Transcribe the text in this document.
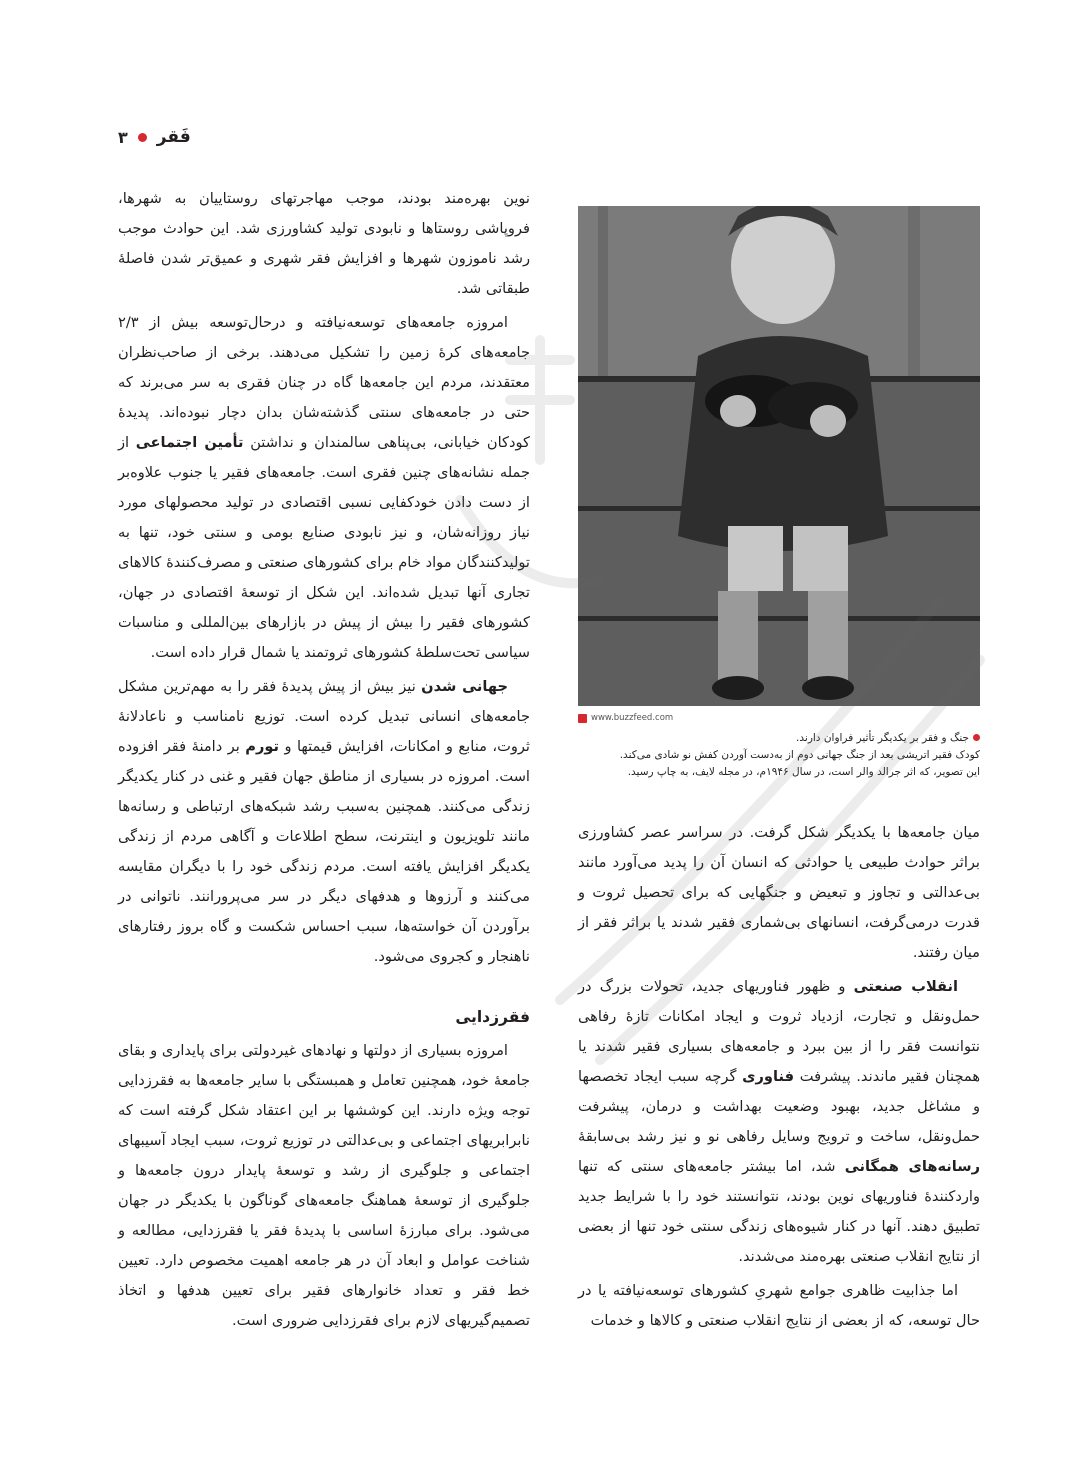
فَقر
۳

نوین بهره‌مند بودند، موجب مهاجرتهای روستاییان به شهرها، فروپاشی روستاها و نابودی تولید کشاورزی شد. این حوادث موجب رشد ناموزون شهرها و افزایش فقر شهری و عمیق‌تر شدن فاصلهٔ طبقاتی شد.

امروزه جامعه‌های توسعه‌نیافته و درحال‌توسعه بیش از ۲/۳ جامعه‌های کرهٔ زمین را تشکیل می‌دهند. برخی از صاحب‌نظران معتقدند، مردم این جامعه‌ها گاه در چنان فقری به سر می‌برند که حتی در جامعه‌های سنتی گذشته‌شان بدان دچار نبوده‌اند. پدیدهٔ کودکان خیابانی، بی‌پناهی سالمندان و نداشتن تأمین اجتماعی از جمله نشانه‌های چنین فقری است. جامعه‌های فقیر یا جنوب علاوه‌بر از دست دادن خودکفایی نسبی اقتصادی در تولید محصولهای مورد نیاز روزانه‌شان، و نیز نابودی صنایع بومی و سنتی خود، تنها به تولیدکنندگان مواد خام برای کشورهای صنعتی و مصرف‌کنندهٔ کالاهای تجاری آنها تبدیل شده‌اند. این شکل از توسعهٔ اقتصادی در جهان، کشورهای فقیر را بیش از پیش در بازارهای بین‌المللی و مناسبات سیاسی تحت‌سلطهٔ کشورهای ثروتمند یا شمال قرار داده است.

جهانی شدن نیز بیش از پیش پدیدهٔ فقر را به مهم‌ترین مشکل جامعه‌های انسانی تبدیل کرده است. توزیع نامناسب و ناعادلانهٔ ثروت، منابع و امکانات، افزایش قیمتها و تورم بر دامنهٔ فقر افزوده است. امروزه در بسیاری از مناطق جهان فقیر و غنی در کنار یکدیگر زندگی می‌کنند. همچنین به‌سبب رشد شبکه‌های ارتباطی و رسانه‌ها مانند تلویزیون و اینترنت، سطح اطلاعات و آگاهی مردم از زندگی یکدیگر افزایش یافته است. مردم زندگی خود را با دیگران مقایسه می‌کنند و آرزوها و هدفهای دیگر در سر می‌پرورانند. ناتوانی در برآوردن آن خواسته‌ها، سبب احساس شکست و گاه بروز رفتارهای ناهنجار و کجروی می‌شود.

فقرزدایی

امروزه بسیاری از دولتها و نهادهای غیردولتی برای پایداری و بقای جامعهٔ خود، همچنین تعامل و همبستگی با سایر جامعه‌ها به فقرزدایی توجه ویژه دارند. این کوششها بر این اعتقاد شکل گرفته است که نابرابریهای اجتماعی و بی‌عدالتی در توزیع ثروت، سبب ایجاد آسیبهای اجتماعی و جلوگیری از رشد و توسعهٔ پایدار درون جامعه‌ها و جلوگیری از توسعهٔ هماهنگ جامعه‌های گوناگون با یکدیگر در جهان می‌شود. برای مبارزهٔ اساسی با پدیدهٔ فقر یا فقرزدایی، مطالعه و شناخت عوامل و ابعاد آن در هر جامعه اهمیت مخصوص دارد. تعیین خط فقر و تعداد خانوارهای فقیر برای تعیین هدفها و اتخاذ تصمیم‌گیریهای لازم برای فقرزدایی ضروری است.

www.buzzfeed.com
جنگ و فقر بر یکدیگر تأثیر فراوان دارند.
کودک فقیر اتریشی بعد از جنگ جهانی دوم از به‌دست آوردن کفش نو شادی می‌کند.
این تصویر، که اثر جرالد والر است، در سال ۱۹۴۶م، در مجله لایف، به چاپ رسید.

میان جامعه‌ها با یکدیگر شکل گرفت. در سراسر عصر کشاورزی براثر حوادث طبیعی یا حوادثی که انسان آن را پدید می‌آورد مانند بی‌عدالتی و تجاوز و تبعیض و جنگهایی که برای تحصیل ثروت و قدرت درمی‌گرفت، انسانهای بی‌شماری فقیر شدند یا براثر فقر از میان رفتند.

انقلاب صنعتی و ظهور فناوریهای جدید، تحولات بزرگ در حمل‌ونقل و تجارت، ازدیاد ثروت و ایجاد امکانات تازهٔ رفاهی نتوانست فقر را از بین ببرد و جامعه‌های بسیاری فقیر شدند یا همچنان فقیر ماندند. پیشرفت فناوری گرچه سبب ایجاد تخصصها و مشاغل جدید، بهبود وضعیت بهداشت و درمان، پیشرفت حمل‌ونقل، ساخت و ترویج وسایل رفاهی نو و نیز رشد بی‌سابقهٔ رسانه‌های همگانی شد، اما بیشتر جامعه‌های سنتی که تنها واردکنندهٔ فناوریهای نوین بودند، نتوانستند خود را با شرایط جدید تطبیق دهند. آنها در کنار شیوه‌های زندگی سنتی خود تنها از بعضی از نتایج انقلاب صنعتی بهره‌مند می‌شدند.

اما جذابیت ظاهری جوامع شهریِ کشورهای توسعه‌نیافته یا در حال توسعه، که از بعضی از نتایج انقلاب صنعتی و کالاها و خدمات
